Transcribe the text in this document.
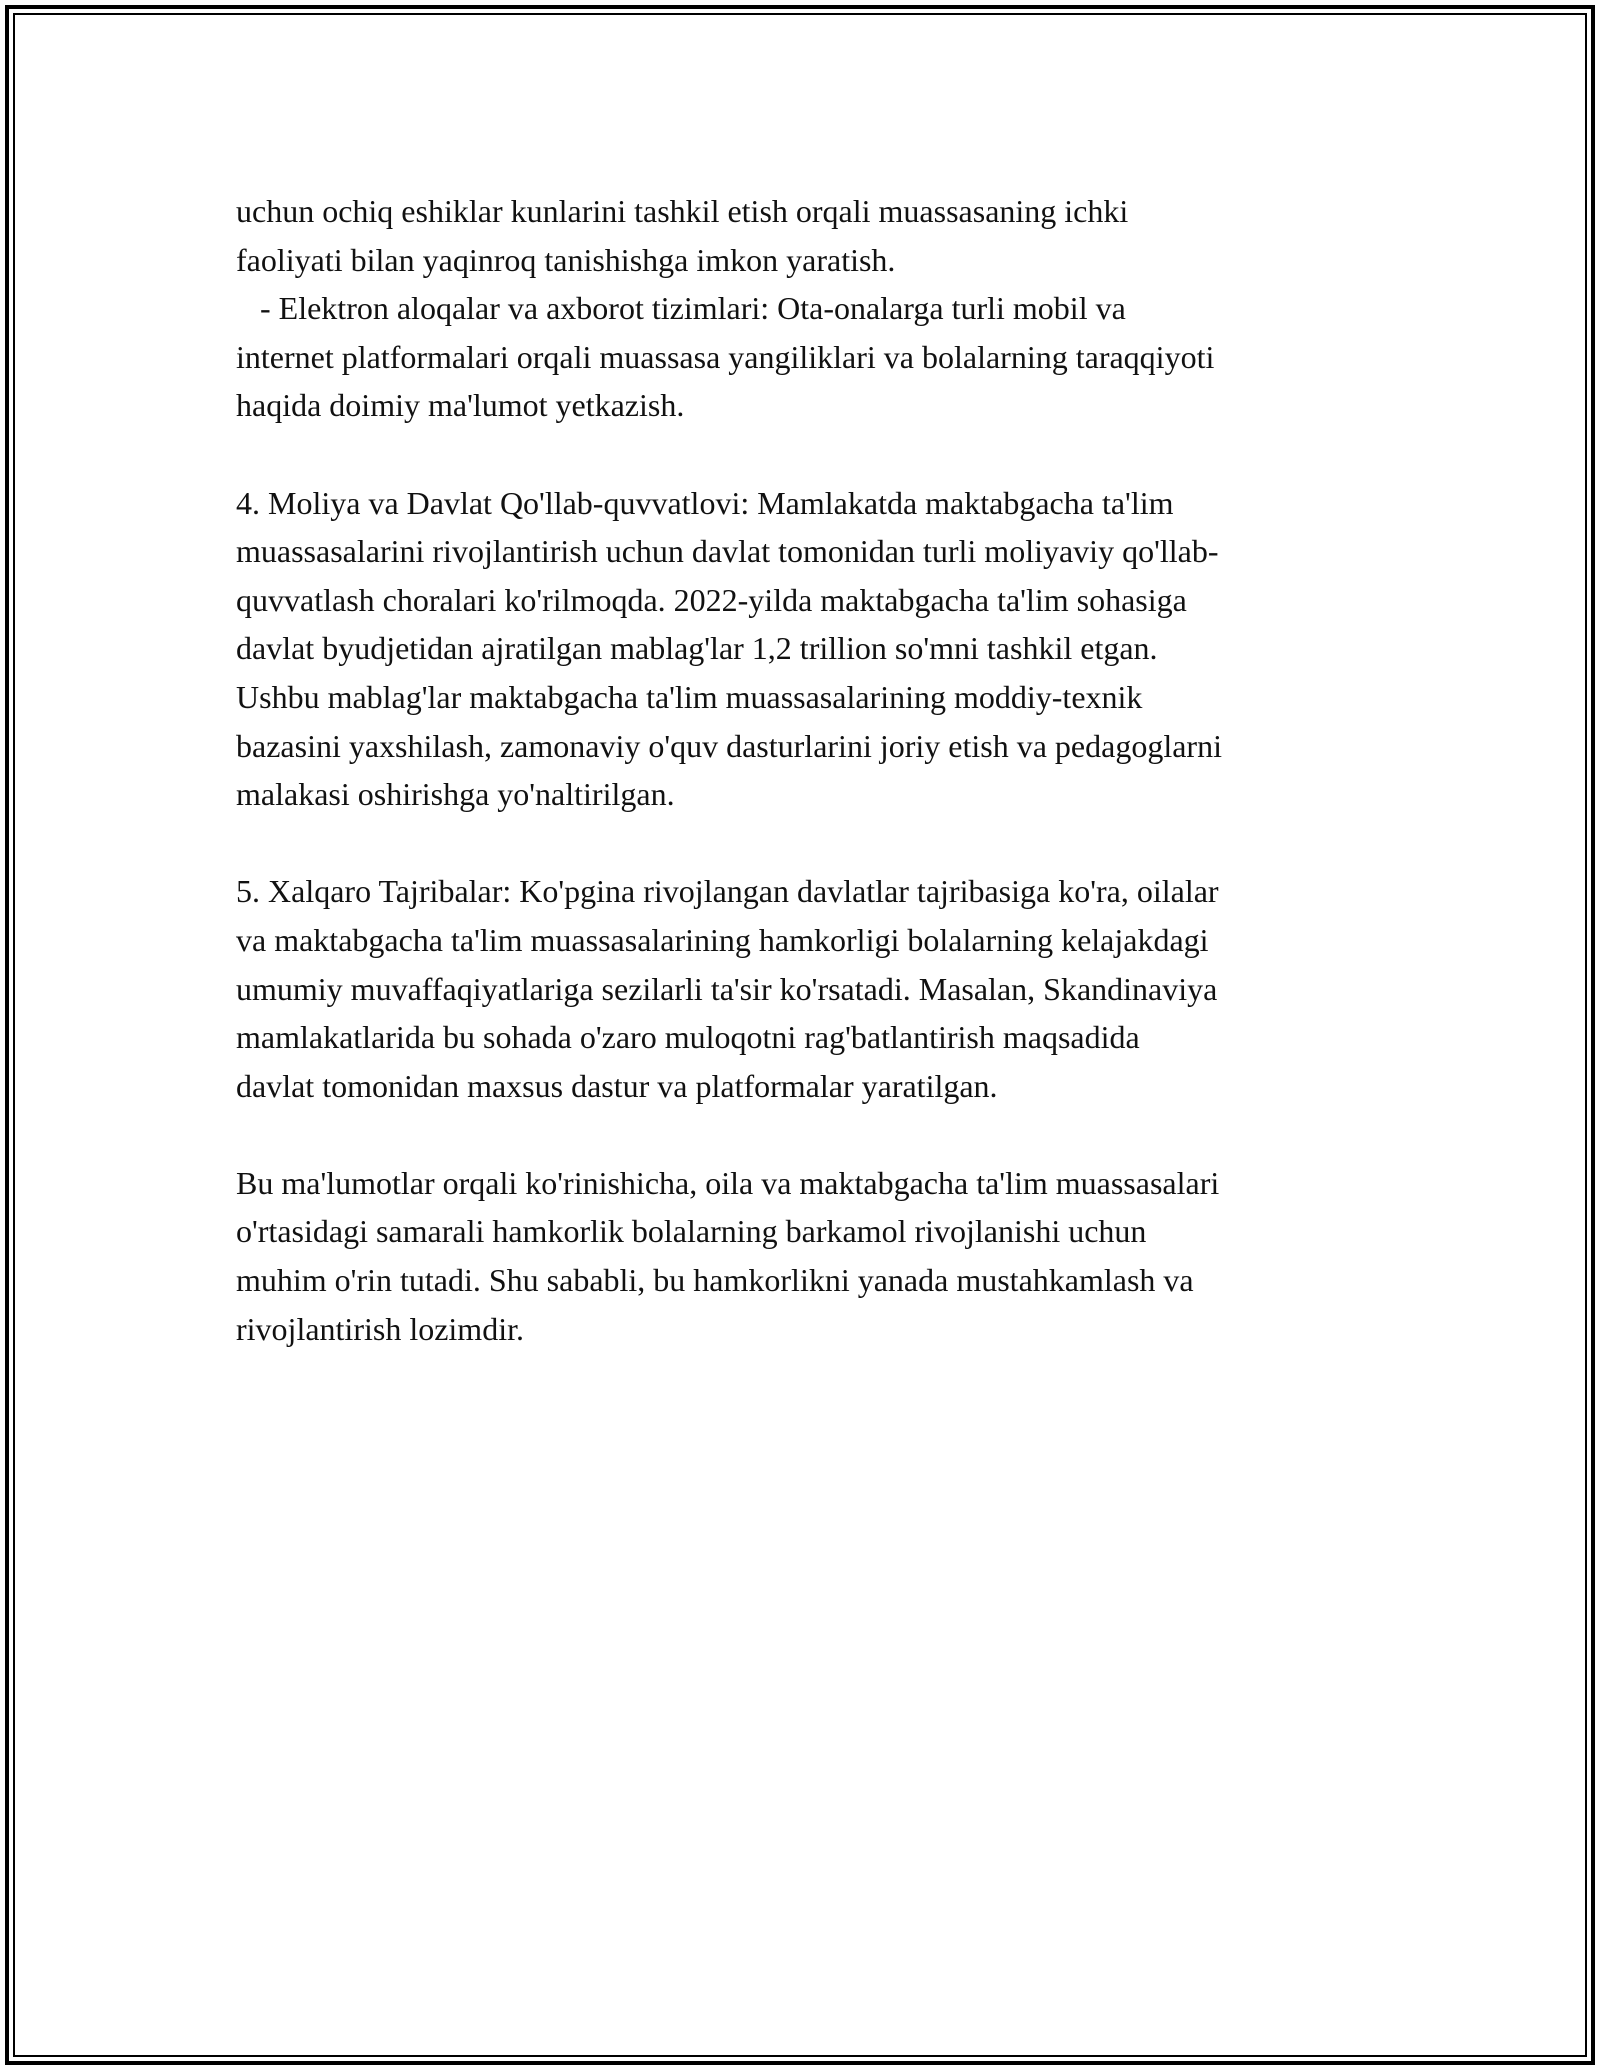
uchun ochiq eshiklar kunlarini tashkil etish orqali muassasaning ichki
faoliyati bilan yaqinroq tanishishga imkon yaratish.
- Elektron aloqalar va axborot tizimlari: Ota-onalarga turli mobil va
internet platformalari orqali muassasa yangiliklari va bolalarning taraqqiyoti
haqida doimiy ma'lumot yetkazish.
4. Moliya va Davlat Qo'llab-quvvatlovi: Mamlakatda maktabgacha ta'lim
muassasalarini rivojlantirish uchun davlat tomonidan turli moliyaviy qo'llab-
quvvatlash choralari ko'rilmoqda. 2022-yilda maktabgacha ta'lim sohasiga
davlat byudjetidan ajratilgan mablag'lar 1,2 trillion so'mni tashkil etgan.
Ushbu mablag'lar maktabgacha ta'lim muassasalarining moddiy-texnik
bazasini yaxshilash, zamonaviy o'quv dasturlarini joriy etish va pedagoglarni
malakasi oshirishga yo'naltirilgan.
5. Xalqaro Tajribalar: Ko'pgina rivojlangan davlatlar tajribasiga ko'ra, oilalar
va maktabgacha ta'lim muassasalarining hamkorligi bolalarning kelajakdagi
umumiy muvaffaqiyatlariga sezilarli ta'sir ko'rsatadi. Masalan, Skandinaviya
mamlakatlarida bu sohada o'zaro muloqotni rag'batlantirish maqsadida
davlat tomonidan maxsus dastur va platformalar yaratilgan.
Bu ma'lumotlar orqali ko'rinishicha, oila va maktabgacha ta'lim muassasalari
o'rtasidagi samarali hamkorlik bolalarning barkamol rivojlanishi uchun
muhim o'rin tutadi. Shu sababli, bu hamkorlikni yanada mustahkamlash va
rivojlantirish lozimdir.
